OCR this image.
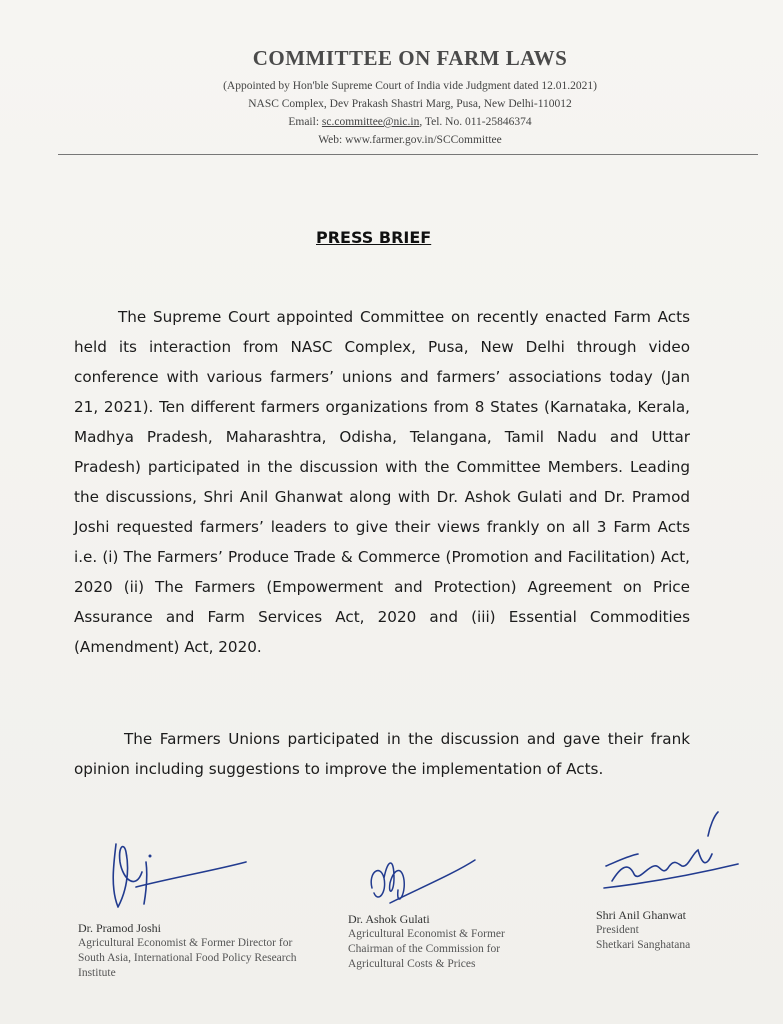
COMMITTEE ON FARM LAWS
(Appointed by Hon'ble Supreme Court of India vide Judgment dated 12.01.2021)
NASC Complex, Dev Prakash Shastri Marg, Pusa, New Delhi-110012
Email: sc.committee@nic.in, Tel. No. 011-25846374
Web: www.farmer.gov.in/SCCommittee
PRESS BRIEF
The Supreme Court appointed Committee on recently enacted Farm Acts held its interaction from NASC Complex, Pusa, New Delhi through video conference with various farmers’ unions and farmers’ associations today (Jan 21, 2021). Ten different farmers organizations from 8 States (Karnataka, Kerala, Madhya Pradesh, Maharashtra, Odisha, Telangana, Tamil Nadu and Uttar Pradesh) participated in the discussion with the Committee Members. Leading the discussions, Shri Anil Ghanwat along with Dr. Ashok Gulati and Dr. Pramod Joshi requested farmers’ leaders to give their views frankly on all 3 Farm Acts i.e. (i) The Farmers’ Produce Trade & Commerce (Promotion and Facilitation) Act, 2020 (ii) The Farmers (Empowerment and Protection) Agreement on Price Assurance and Farm Services Act, 2020 and (iii) Essential Commodities (Amendment) Act, 2020.
The Farmers Unions participated in the discussion and gave their frank opinion including suggestions to improve the implementation of Acts.
Dr. Pramod Joshi
Agricultural Economist & Former Director for
South Asia, International Food Policy Research
Institute
Dr. Ashok Gulati
Agricultural Economist & Former
Chairman of the Commission for
Agricultural Costs & Prices
Shri Anil Ghanwat
President
Shetkari Sanghatana
